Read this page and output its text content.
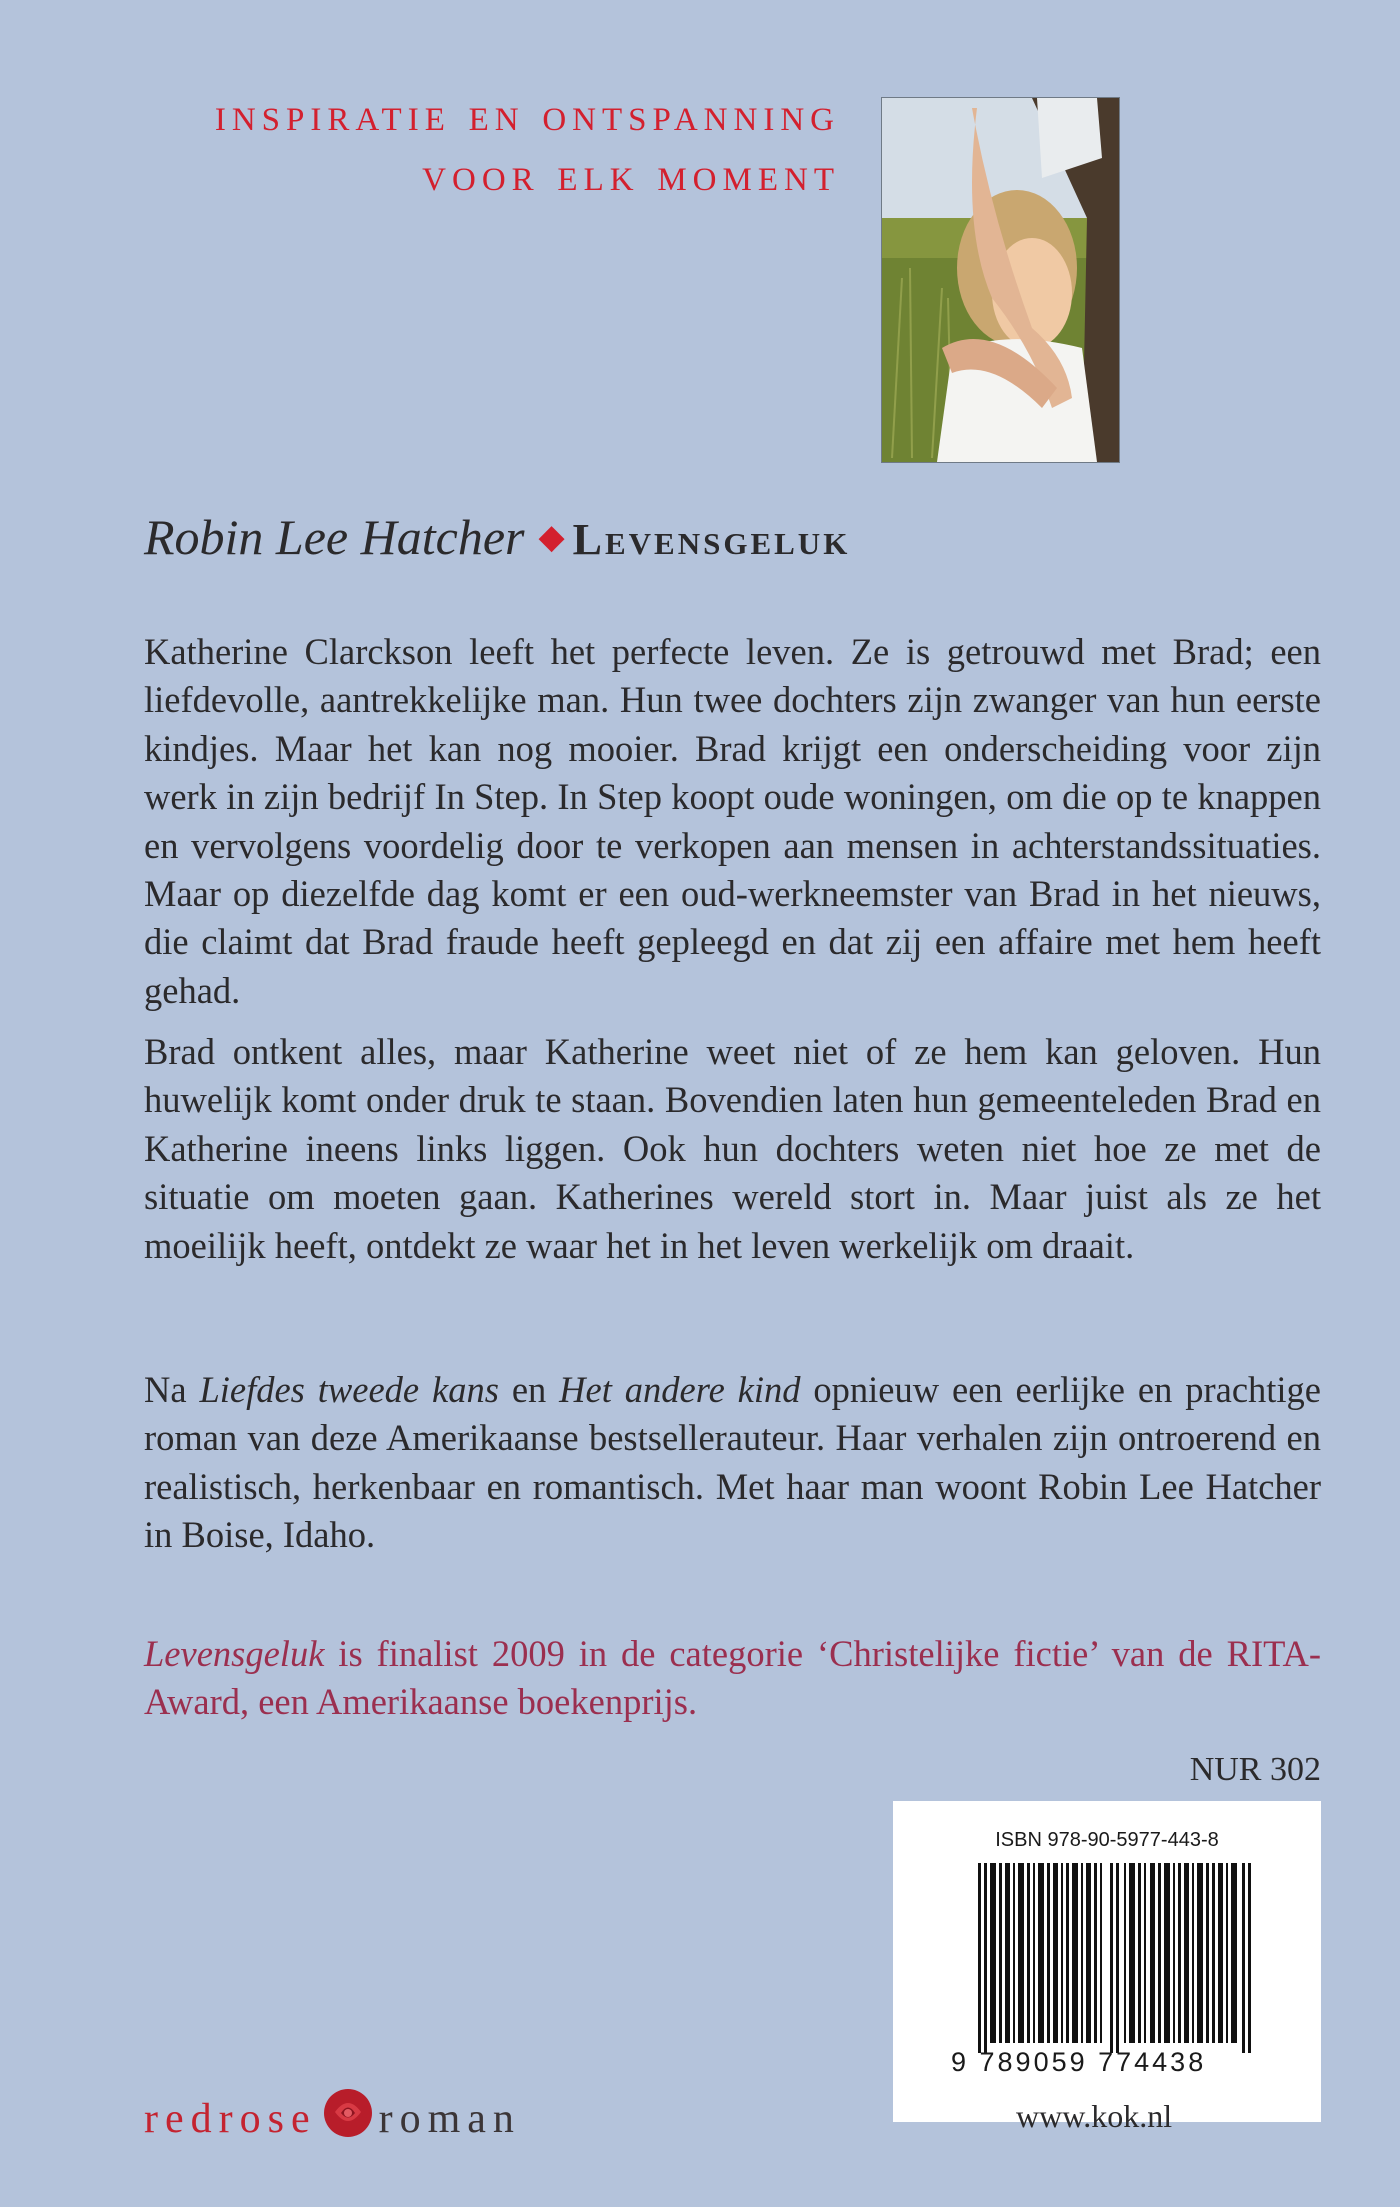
inspiratie en ontspanning
voor elk moment
Robin Lee Hatcher ◆ Levensgeluk

Katherine Clarckson leeft het perfecte leven. Ze is getrouwd met Brad; een liefdevolle, aantrekkelijke man. Hun twee dochters zijn zwanger van hun eerste kindjes. Maar het kan nog mooier. Brad krijgt een onderscheiding voor zijn werk in zijn bedrijf In Step. In Step koopt oude woningen, om die op te knappen en vervolgens voordelig door te verkopen aan mensen in achterstandssituaties. Maar op diezelfde dag komt er een oud-werkneemster van Brad in het nieuws, die claimt dat Brad fraude heeft gepleegd en dat zij een affaire met hem heeft gehad.

Brad ontkent alles, maar Katherine weet niet of ze hem kan geloven. Hun huwelijk komt onder druk te staan. Bovendien laten hun gemeenteleden Brad en Katherine ineens links liggen. Ook hun dochters weten niet hoe ze met de situatie om moeten gaan. Katherines wereld stort in. Maar juist als ze het moeilijk heeft, ontdekt ze waar het in het leven werkelijk om draait.

Na Liefdes tweede kans en Het andere kind opnieuw een eerlijke en prachtige roman van deze Amerikaanse bestsellerauteur. Haar verhalen zijn ontroerend en realistisch, herkenbaar en romantisch. Met haar man woont Robin Lee Hatcher in Boise, Idaho.

Levensgeluk is finalist 2009 in de categorie ‘Christelijke fictie’ van de RITA-Award, een Amerikaanse boekenprijs.

NUR 302
ISBN 978-90-5977-443-8
9 789059 774438
redrose roman	www.kok.nl
